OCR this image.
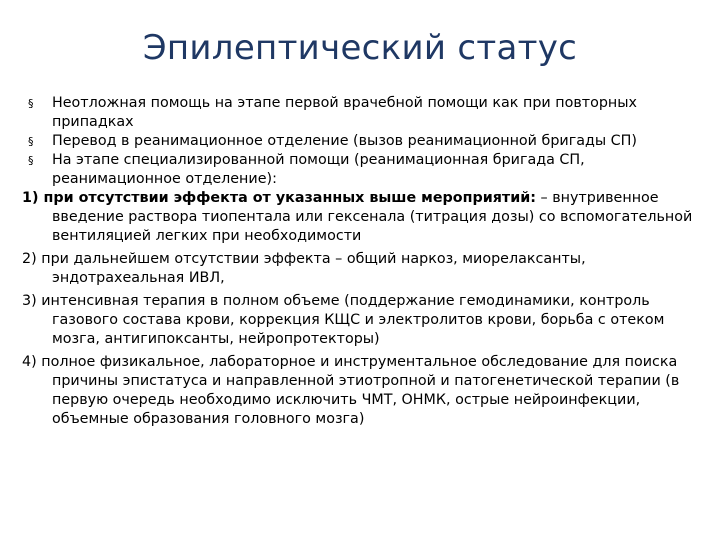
Эпилептический статус
§ Неотложная помощь на этапе первой врачебной помощи как при повторных припадках
§ Перевод в реанимационное отделение (вызов реанимационной бригады СП)
§ На этапе специализированной помощи (реанимационная бригада СП, реанимационное отделение):
1) при отсутствии эффекта от указанных выше мероприятий: – внутривенное введение раствора тиопентала или гексенала (титрация дозы) со вспомогательной вентиляцией легких при необходимости
2) при дальнейшем отсутствии эффекта – общий наркоз, миорелаксанты, эндотрахеальная ИВЛ,
3) интенсивная терапия в полном объеме (поддержание гемодинамики, контроль газового состава крови, коррекция КЩС и электролитов крови, борьба с отеком мозга, антигипоксанты, нейропротекторы)
4) полное физикальное, лабораторное и инструментальное обследование для поиска причины эпистатуса и направленной этиотропной и патогенетической терапии (в первую очередь необходимо исключить ЧМТ, ОНМК, острые нейроинфекции, объемные образования головного мозга)
